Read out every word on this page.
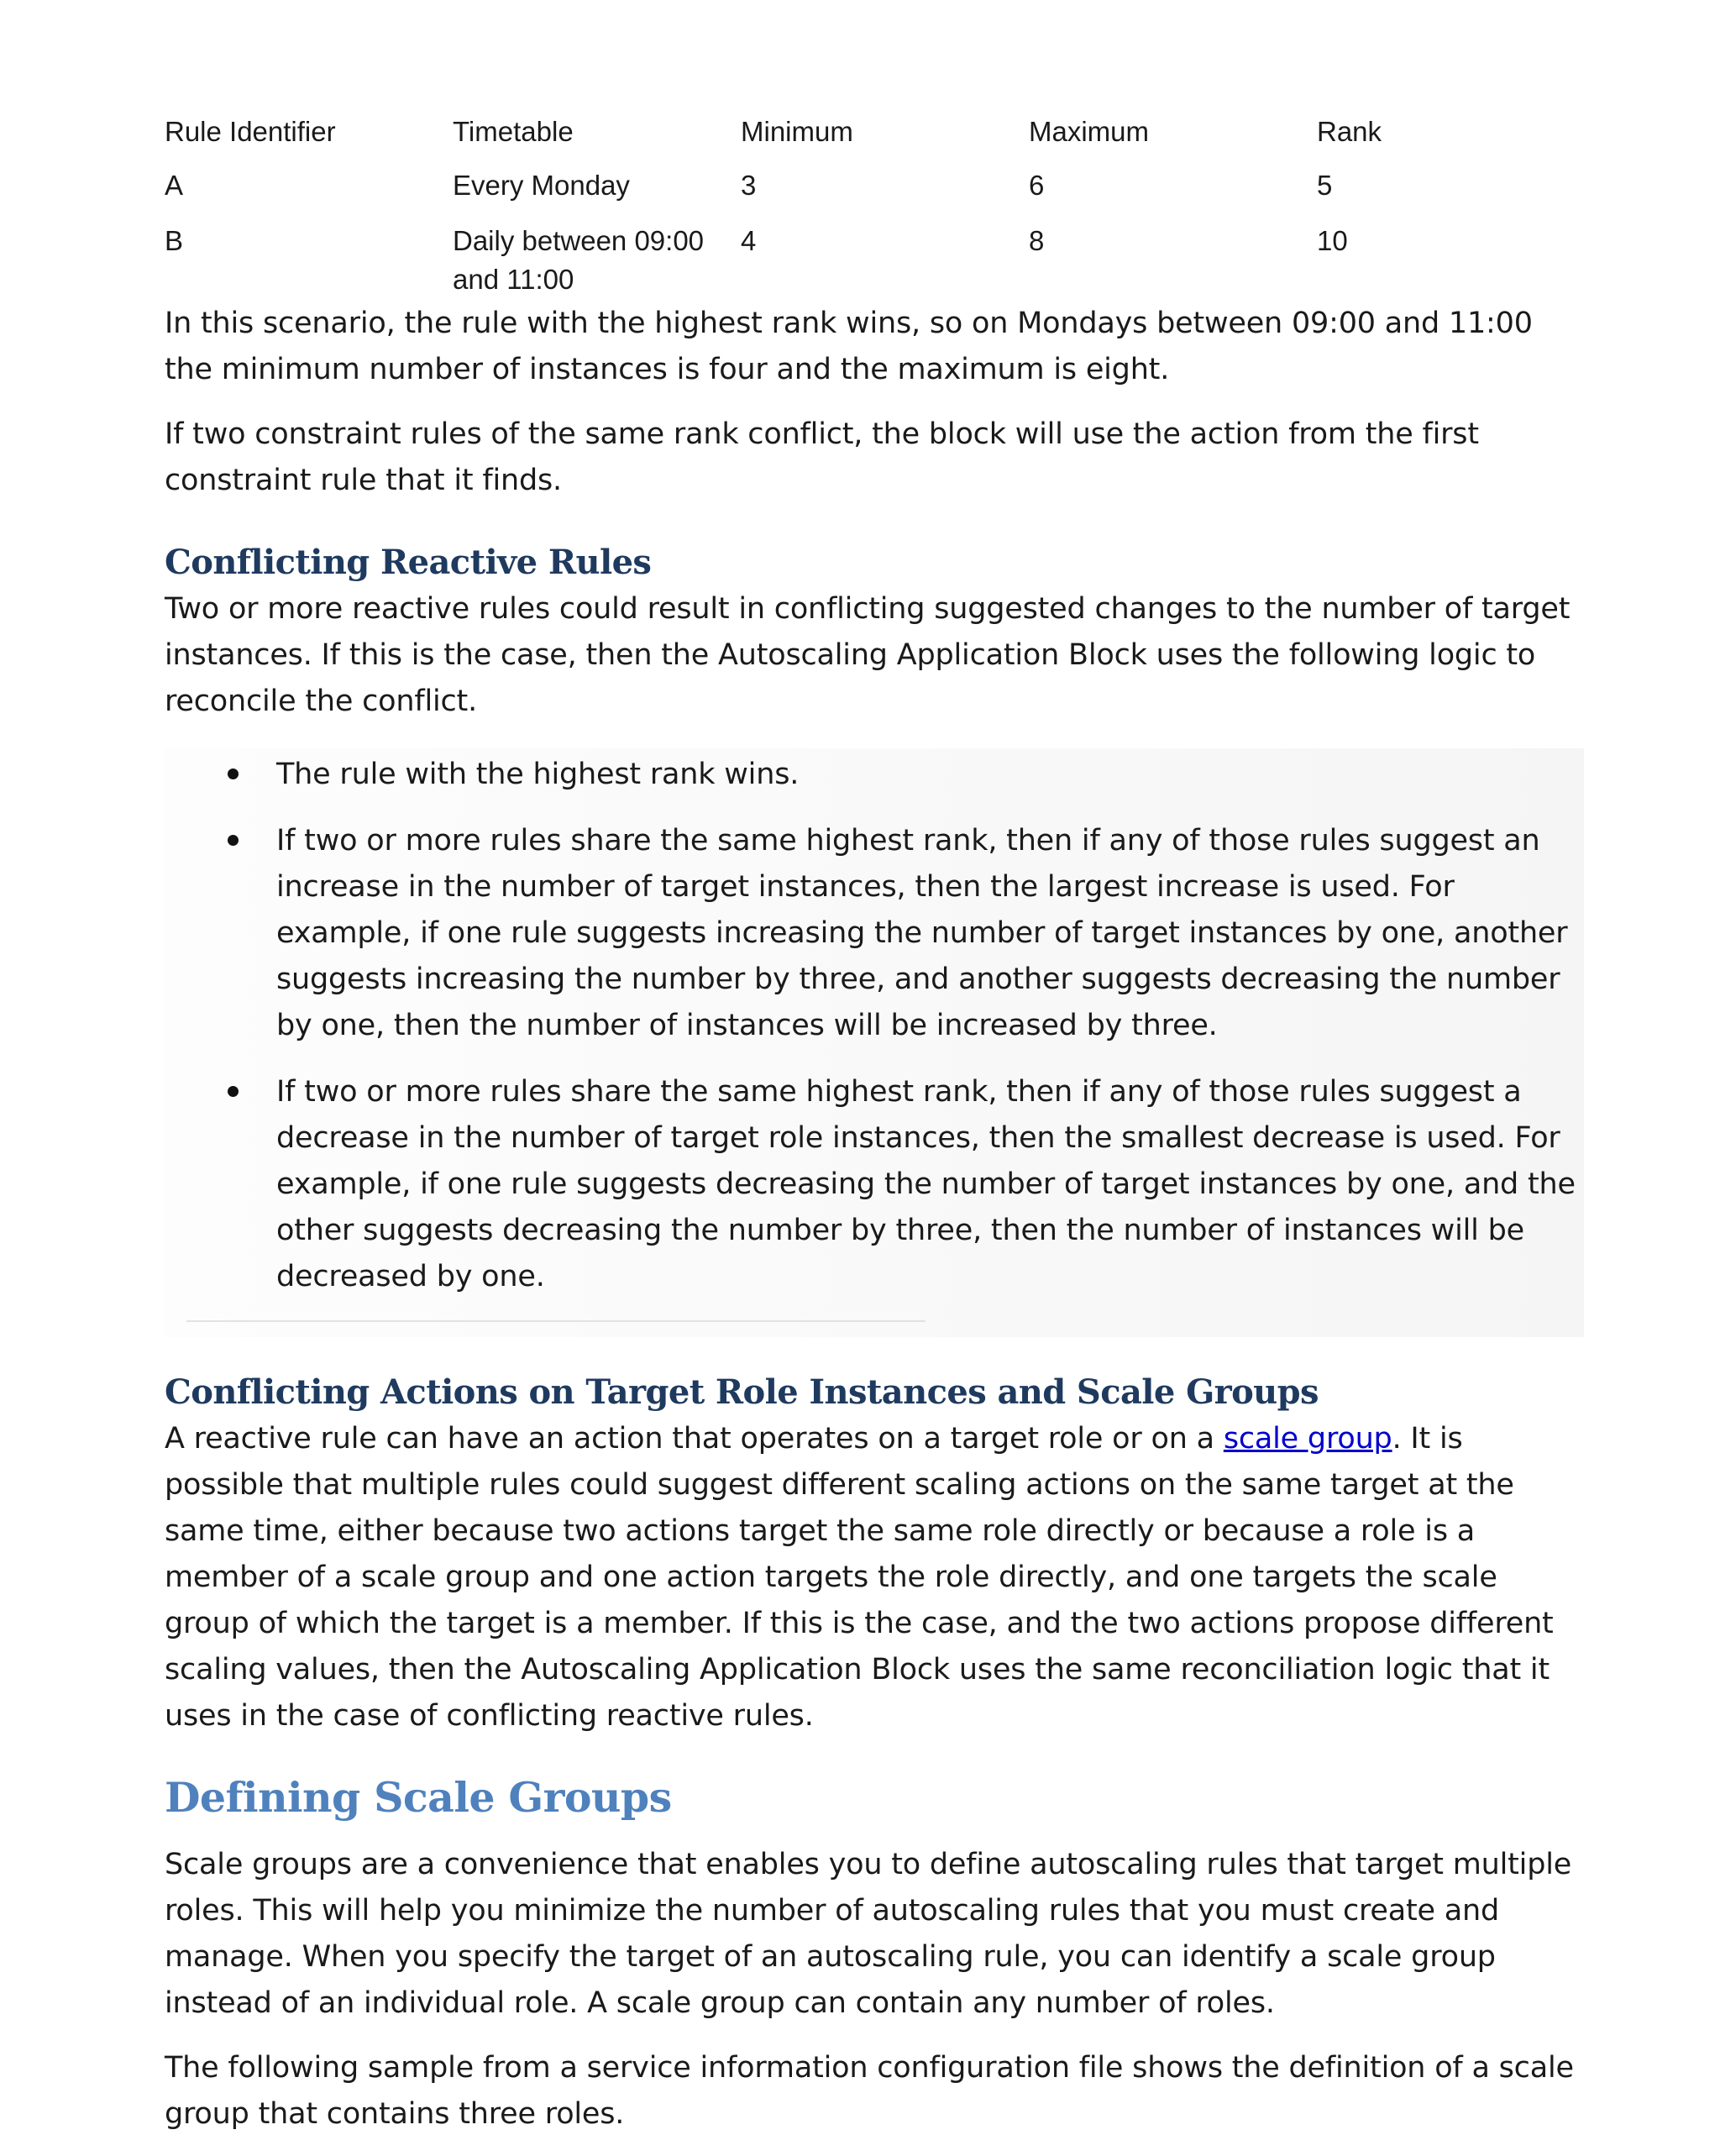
Rule Identifier	Timetable	Minimum	Maximum	Rank
A	Every Monday	3	6	5
B	Daily between 09:00 and 11:00	4	8	10

In this scenario, the rule with the highest rank wins, so on Mondays between 09:00 and 11:00 the minimum number of instances is four and the maximum is eight.

If two constraint rules of the same rank conflict, the block will use the action from the first constraint rule that it finds.

Conflicting Reactive Rules

Two or more reactive rules could result in conflicting suggested changes to the number of target instances. If this is the case, then the Autoscaling Application Block uses the following logic to reconcile the conflict.

The rule with the highest rank wins.
If two or more rules share the same highest rank, then if any of those rules suggest an increase in the number of target instances, then the largest increase is used. For example, if one rule suggests increasing the number of target instances by one, another suggests increasing the number by three, and another suggests decreasing the number by one, then the number of instances will be increased by three.
If two or more rules share the same highest rank, then if any of those rules suggest a decrease in the number of target role instances, then the smallest decrease is used. For example, if one rule suggests decreasing the number of target instances by one, and the other suggests decreasing the number by three, then the number of instances will be decreased by one.
Conflicting Actions on Target Role Instances and Scale Groups

A reactive rule can have an action that operates on a target role or on a scale group. It is possible that multiple rules could suggest different scaling actions on the same target at the same time, either because two actions target the same role directly or because a role is a member of a scale group and one action targets the role directly, and one targets the scale group of which the target is a member. If this is the case, and the two actions propose different scaling values, then the Autoscaling Application Block uses the same reconciliation logic that it uses in the case of conflicting reactive rules.

Defining Scale Groups

Scale groups are a convenience that enables you to define autoscaling rules that target multiple roles. This will help you minimize the number of autoscaling rules that you must create and manage. When you specify the target of an autoscaling rule, you can identify a scale group instead of an individual role. A scale group can contain any number of roles.

The following sample from a service information configuration file shows the definition of a scale group that contains three roles.
